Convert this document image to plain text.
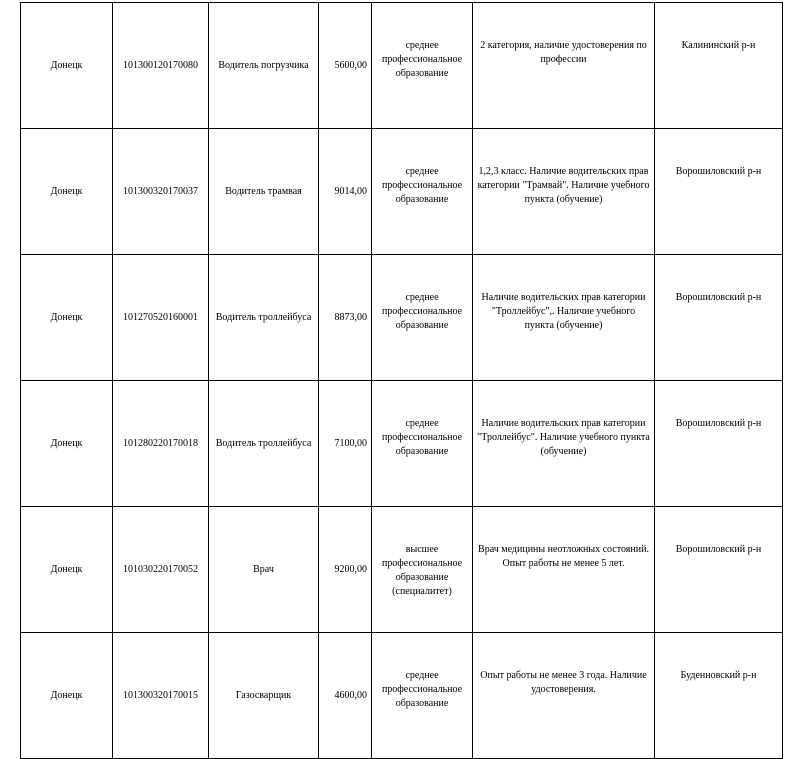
Донецк	101300120170080	Водитель погрузчика	5600,00	среднее профессиональное образование	2 категория, наличие удостоверения по профессии	Калининский р-н
Донецк	101300320170037	Водитель трамвая	9014,00	среднее профессиональное образование	1,2,3 класс. Наличие водительских прав категории "Трамвай". Наличие учебного пункта (обучение)	Ворошиловский р-н
Донецк	101270520160001	Водитель троллейбуса	8873,00	среднее профессиональное образование	Наличие водительских прав категории "Троллейбус",. Наличие учебного пункта (обучение)	Ворошиловский р-н
Донецк	101280220170018	Водитель троллейбуса	7100,00	среднее профессиональное образование	Наличие водительских прав категории "Троллейбус". Наличие учебного пункта (обучение)	Ворошиловский р-н
Донецк	101030220170052	Врач	9200,00	высшее профессиональное образование (специалитет)	Врач медицины неотложных состояний. Опыт работы не менее 5 лет.	Ворошиловский р-н
Донецк	101300320170015	Газосварщик	4600,00	среднее профессиональное образование	Опыт работы не менее 3 года. Наличие удостоверения.	Буденновский р-н
